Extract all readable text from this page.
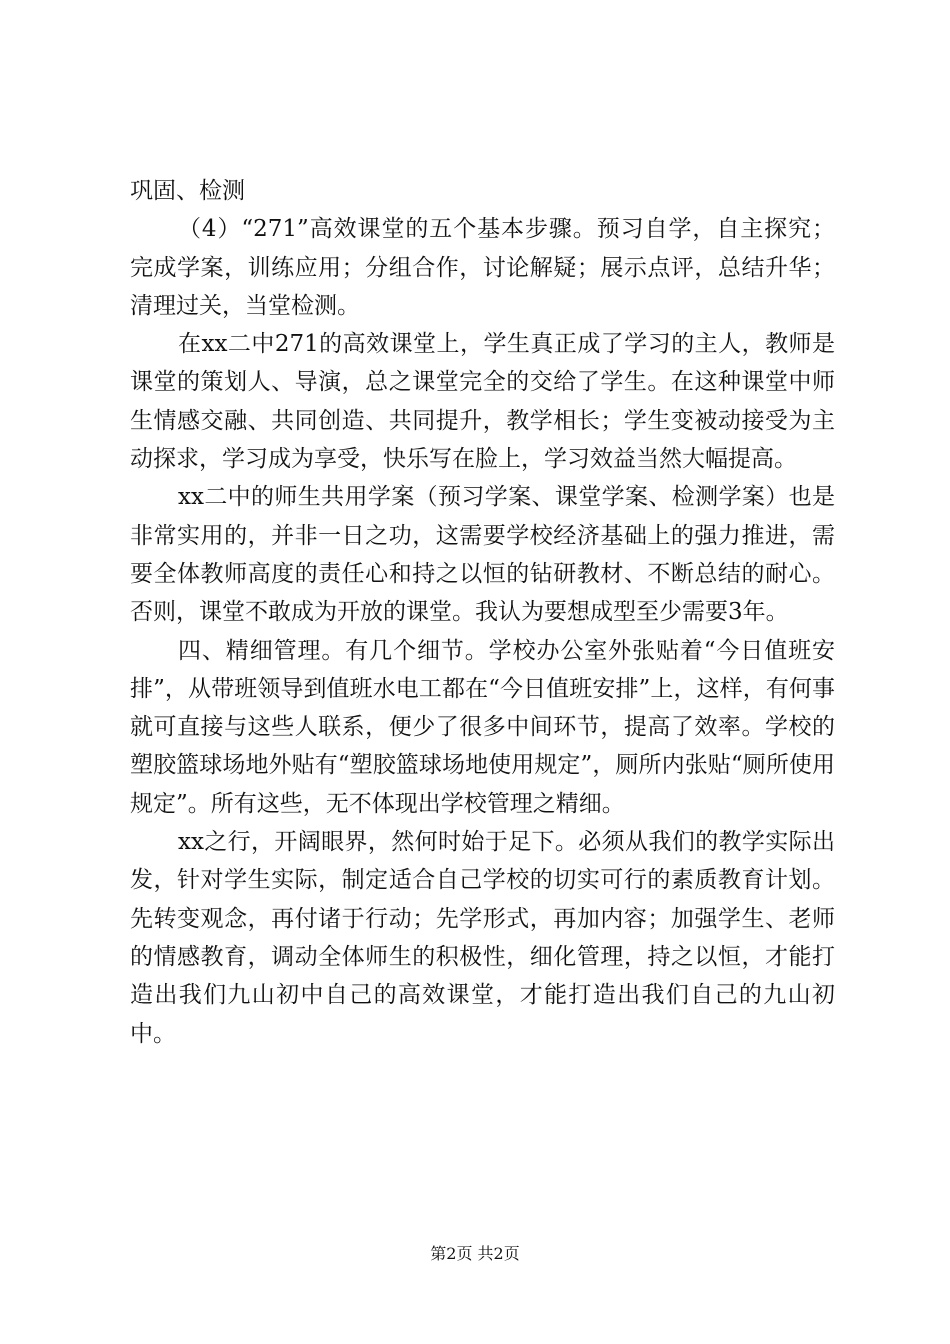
巩固、检测

（4）“271”高效课堂的五个基本步骤。预习自学，自主探究；完成学案，训练应用；分组合作，讨论解疑；展示点评，总结升华；清理过关，当堂检测。

在xx二中271的高效课堂上，学生真正成了学习的主人，教师是课堂的策划人、导演，总之课堂完全的交给了学生。在这种课堂中师生情感交融、共同创造、共同提升，教学相长；学生变被动接受为主动探求，学习成为享受，快乐写在脸上，学习效益当然大幅提高。

xx二中的师生共用学案（预习学案、课堂学案、检测学案）也是非常实用的，并非一日之功，这需要学校经济基础上的强力推进，需要全体教师高度的责任心和持之以恒的钻研教材、不断总结的耐心。否则，课堂不敢成为开放的课堂。我认为要想成型至少需要3年。

四、精细管理。有几个细节。学校办公室外张贴着“今日值班安排”，从带班领导到值班水电工都在“今日值班安排”上，这样，有何事就可直接与这些人联系，便少了很多中间环节，提高了效率。学校的塑胶篮球场地外贴有“塑胶篮球场地使用规定”，厕所内张贴“厕所使用规定”。所有这些，无不体现出学校管理之精细。

xx之行，开阔眼界，然何时始于足下。必须从我们的教学实际出发，针对学生实际，制定适合自己学校的切实可行的素质教育计划。先转变观念，再付诸于行动；先学形式，再加内容；加强学生、老师的情感教育，调动全体师生的积极性，细化管理，持之以恒，才能打造出我们九山初中自己的高效课堂，才能打造出我们自己的九山初中。

第2页 共2页
